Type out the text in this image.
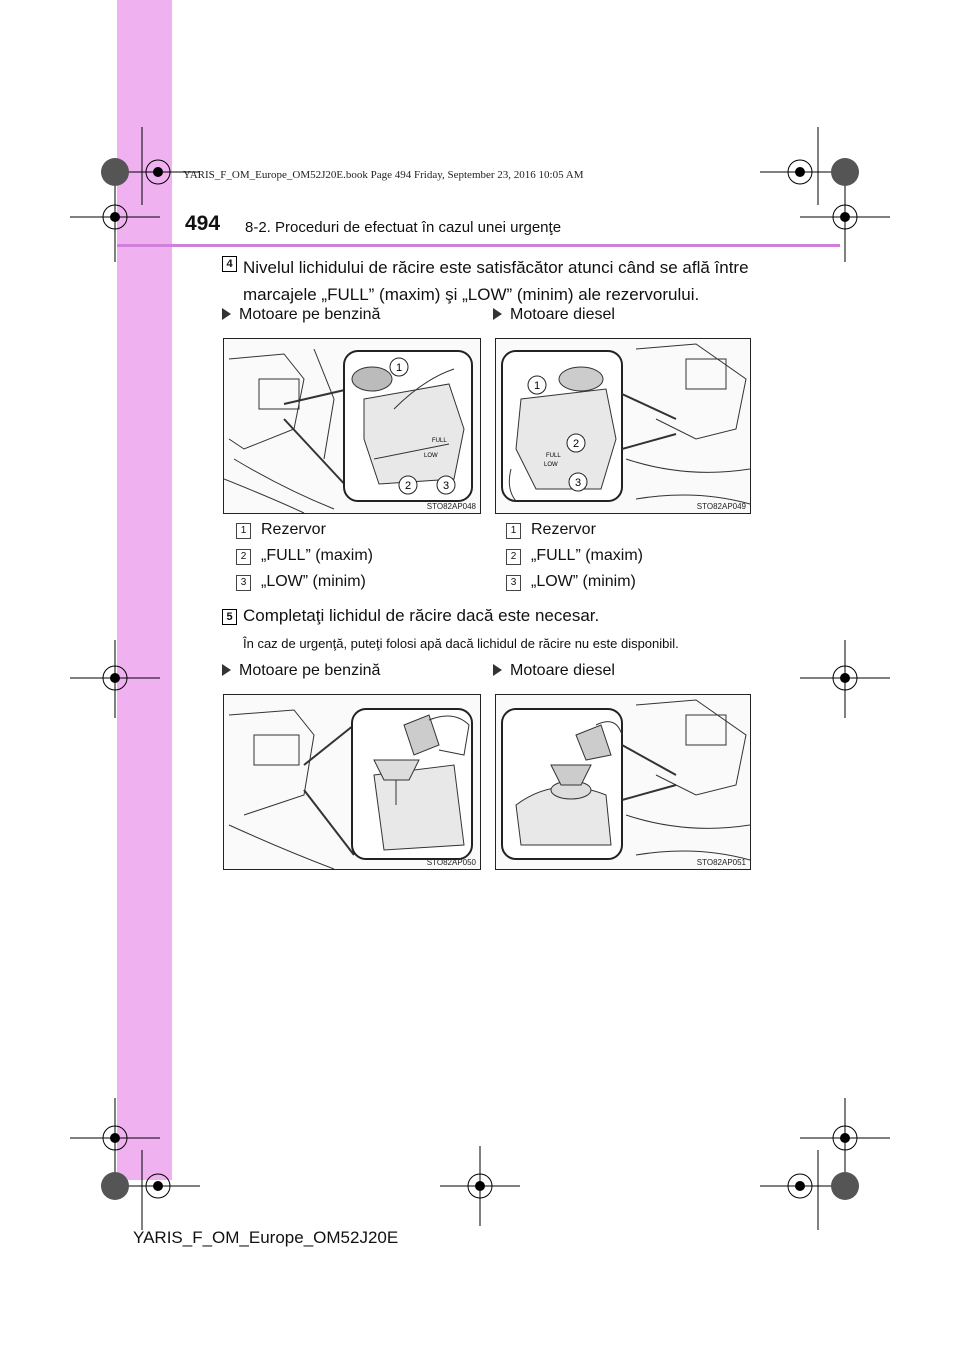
YARIS_F_OM_Europe_OM52J20E.book Page 494 Friday, September 23, 2016 10:05 AM
494 8-2. Proceduri de efectuat în cazul unei urgenţe
4 Nivelul lichidului de răcire este satisfăcător atunci când se află între
marcajele „FULL” (maxim) şi „LOW” (minim) ale rezervorului.
Motoare pe benzină	Motoare diesel
FULL
LOW
1
2	3
STO82AP048
FULL
LOW
1
2
3
STO82AP049
1 Rezervor
2 „FULL” (maxim)
3 „LOW” (minim)
1 Rezervor
2 „FULL” (maxim)
3 „LOW” (minim)
5 Completaţi lichidul de răcire dacă este necesar.
În caz de urgenţă, puteţi folosi apă dacă lichidul de răcire nu este disponibil.
Motoare pe benzină	Motoare diesel
STO82AP050	STO82AP051
YARIS_F_OM_Europe_OM52J20E
